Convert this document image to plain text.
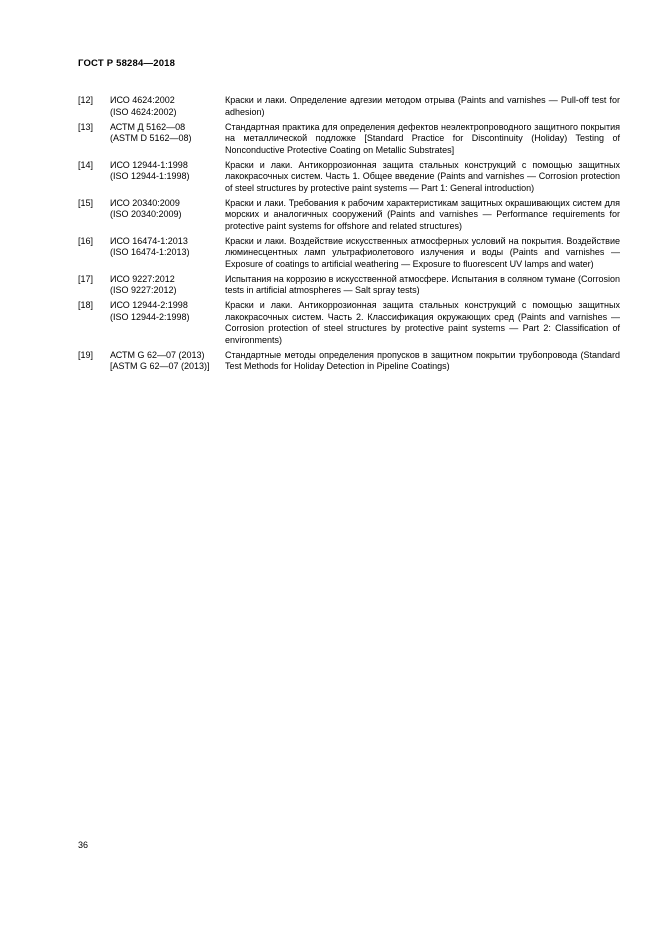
ГОСТ Р 58284—2018
[12]	ИСО 4624:2002
(ISO 4624:2002)
Краски и лаки. Определение адгезии методом отрыва (Paints and varnishes — Pull-off test for adhesion)
[13]	АСТМ Д 5162—08
(ASTM D 5162—08)
Стандартная практика для определения дефектов неэлектропроводного защитного покрытия на металлической подложке [Standard Practice for Discontinuity (Holiday) Testing of Nonconductive Protective Coating on Metallic Substrates]
[14]	ИСО 12944-1:1998
(ISO 12944-1:1998)
Краски и лаки. Антикоррозионная защита стальных конструкций с помощью защитных лакокрасочных систем. Часть 1. Общее введение (Paints and varnishes — Corrosion protection of steel structures by protective paint systems — Part 1: General introduction)
[15]	ИСО 20340:2009
(ISO 20340:2009)
Краски и лаки. Требования к рабочим характеристикам защитных окрашивающих систем для морских и аналогичных сооружений (Paints and varnishes — Performance requirements for protective paint systems for offshore and related structures)
[16]	ИСО 16474-1:2013
(ISO 16474-1:2013)
Краски и лаки. Воздействие искусственных атмосферных условий на покрытия. Воздействие люминесцентных ламп ультрафиолетового излучения и воды (Paints and varnishes — Exposure of coatings to artificial weathering — Exposure to fluorescent UV lamps and water)
[17]	ИСО 9227:2012
(ISO 9227:2012)
Испытания на коррозию в искусственной атмосфере. Испытания в соляном тумане (Corrosion tests in artificial atmospheres — Salt spray tests)
[18]	ИСО 12944-2:1998
(ISO 12944-2:1998)
Краски и лаки. Антикоррозионная защита стальных конструкций с помощью защитных лакокрасочных систем. Часть 2. Классификация окружающих сред (Paints and varnishes — Corrosion protection of steel structures by protective paint systems — Part 2: Classification of environments)
[19]	АСТМ G 62—07 (2013)
[ASTM G 62—07 (2013)]
Стандартные методы определения пропусков в защитном покрытии трубопровода (Standard Test Methods for Holiday Detection in Pipeline Coatings)
36
